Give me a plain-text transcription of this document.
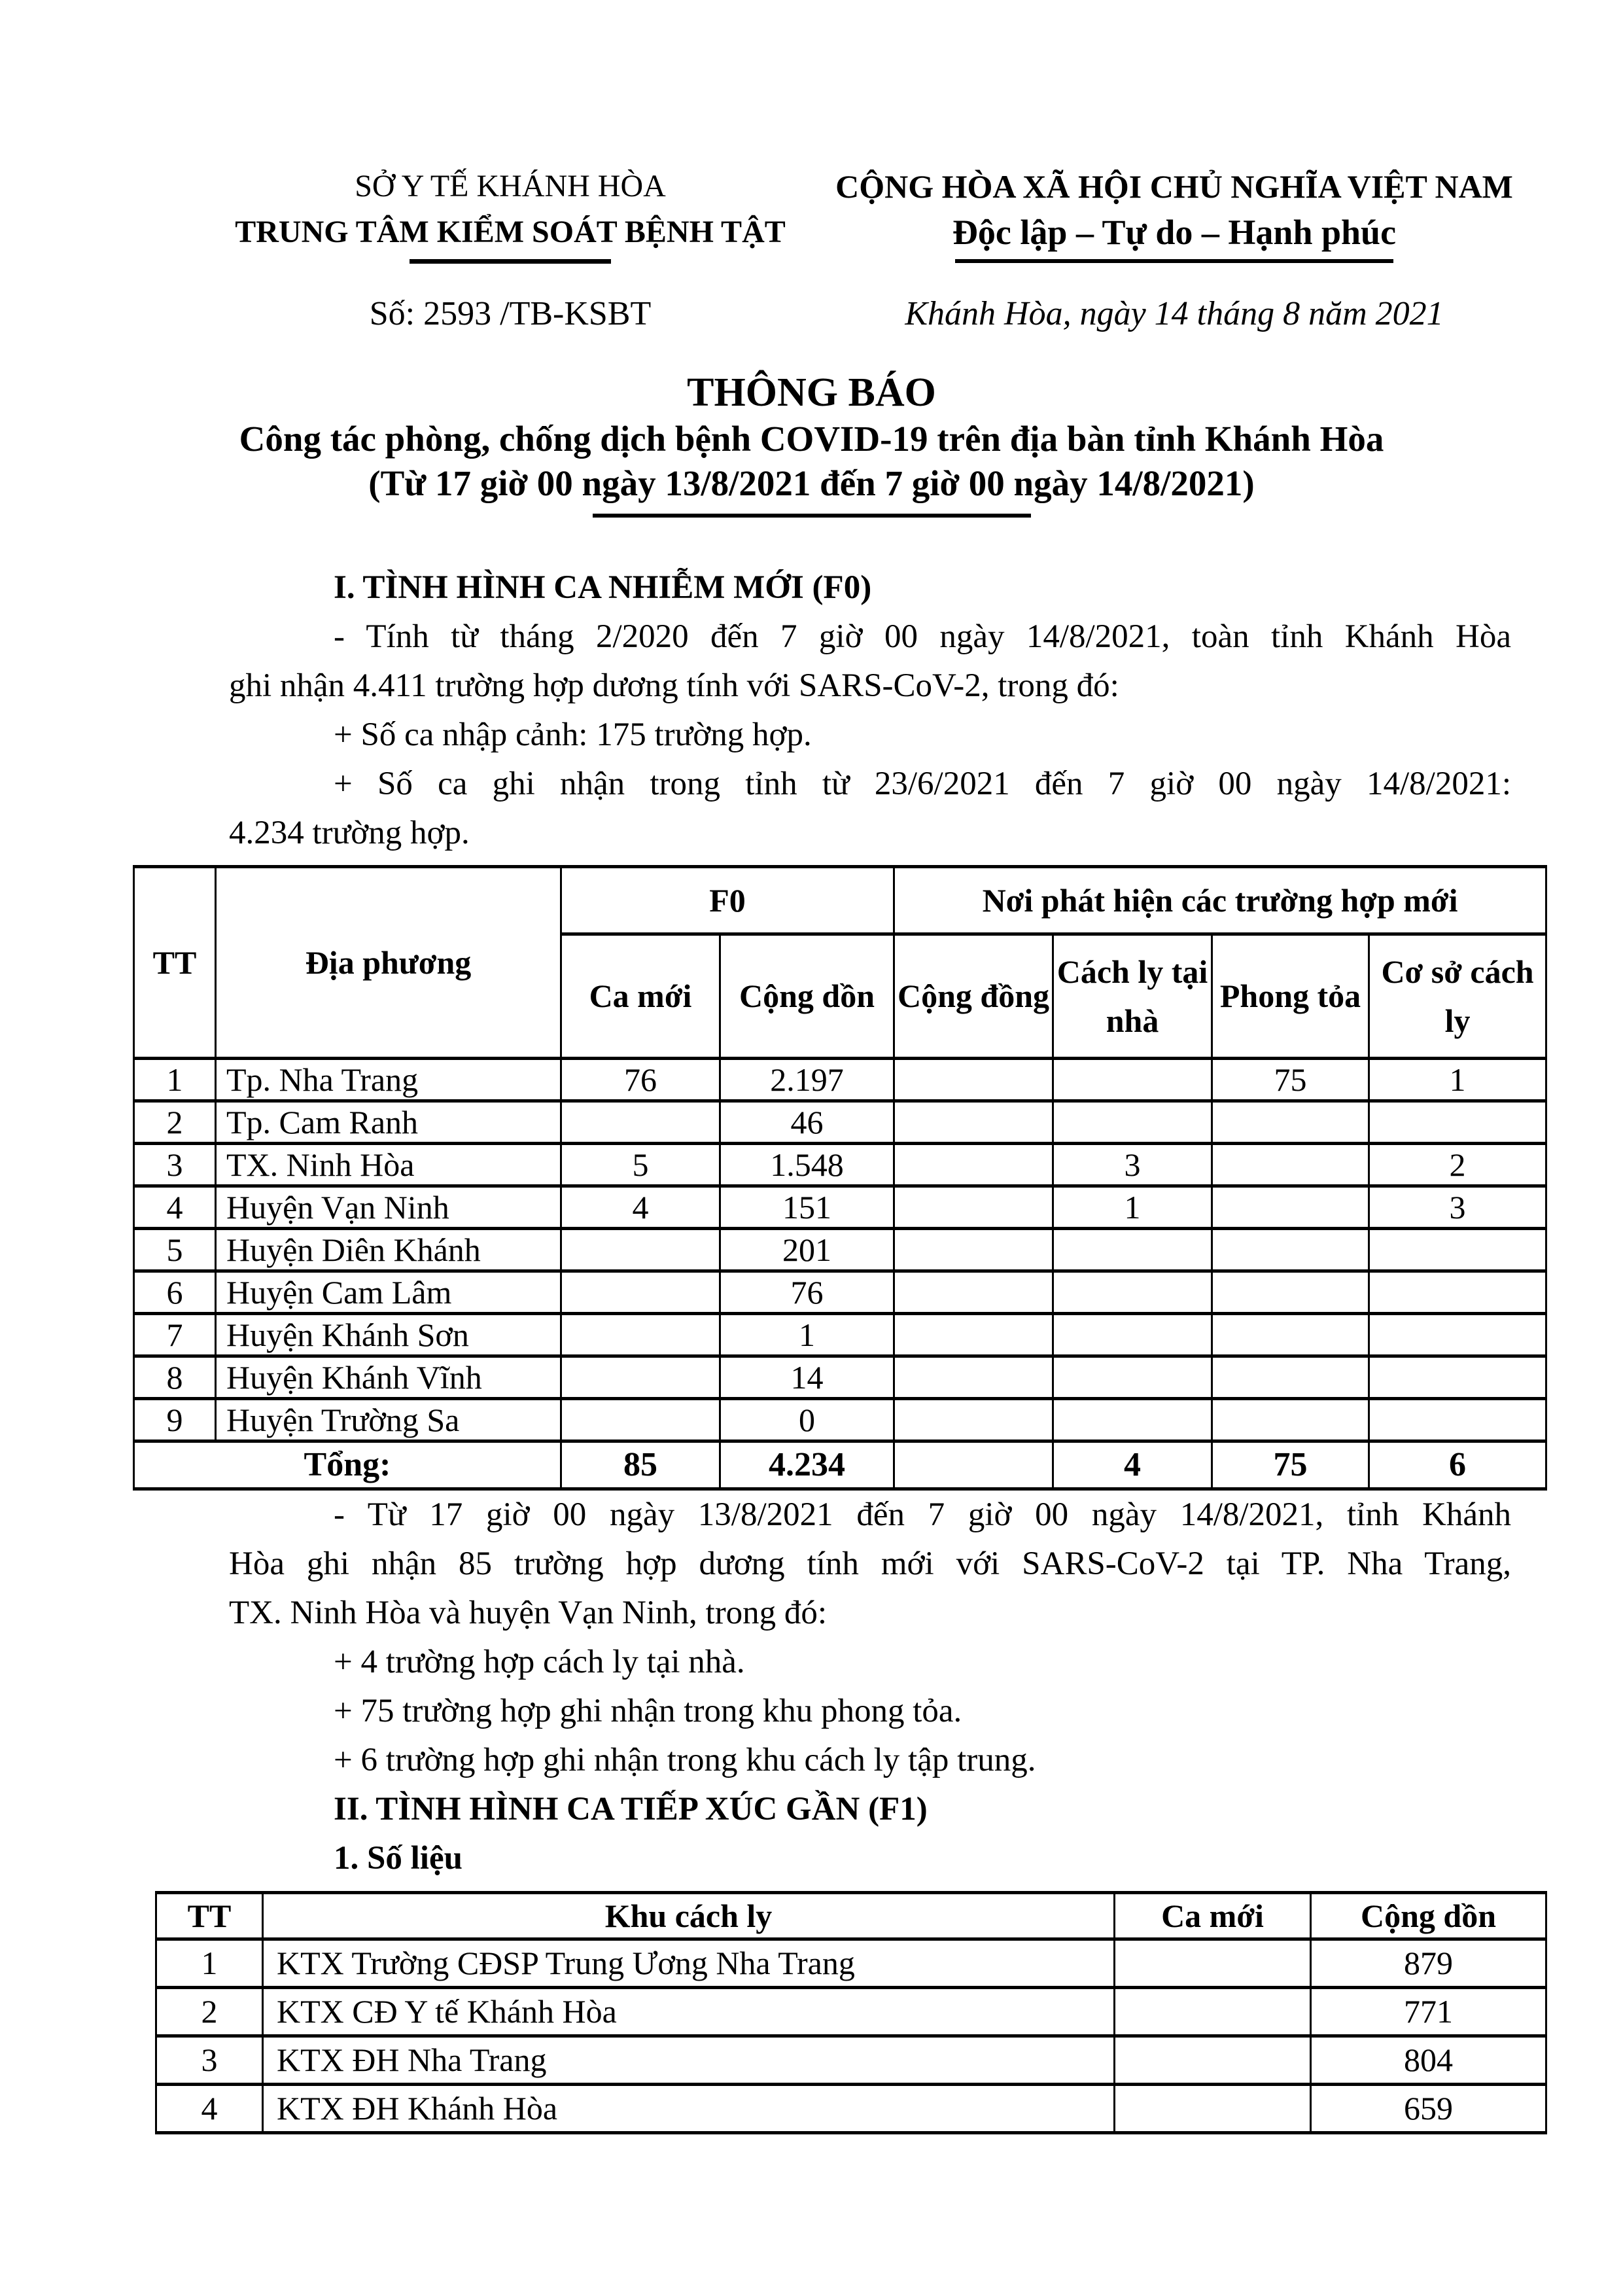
SỞ Y TẾ KHÁNH HÒA
TRUNG TÂM KIỂM SOÁT BỆNH TẬT
CỘNG HÒA XÃ HỘI CHỦ NGHĨA VIỆT NAM
Độc lập – Tự do – Hạnh phúc
Số: 2593 /TB-KSBT	Khánh Hòa, ngày 14 tháng 8 năm 2021
THÔNG BÁO
Công tác phòng, chống dịch bệnh COVID-19 trên địa bàn tỉnh Khánh Hòa
(Từ 17 giờ 00 ngày 13/8/2021 đến 7 giờ 00 ngày 14/8/2021)
I. TÌNH HÌNH CA NHIỄM MỚI (F0)
- Tính từ tháng 2/2020 đến 7 giờ 00 ngày 14/8/2021, toàn tỉnh Khánh Hòa
ghi nhận 4.411 trường hợp dương tính với SARS-CoV-2, trong đó:
+ Số ca nhập cảnh: 175 trường hợp.
+ Số ca ghi nhận trong tỉnh từ 23/6/2021 đến 7 giờ 00 ngày 14/8/2021:
4.234 trường hợp.
TT	Địa phương	F0		Nơi phát hiện các trường hợp mới			
		Ca mới	Cộng dồn	Cộng đồng	Cách ly tại nhà	Phong tỏa	Cơ sở cách ly
1	Tp. Nha Trang	76	2.197			75	1
2	Tp. Cam Ranh		46				
3	TX. Ninh Hòa	5	1.548		3		2
4	Huyện Vạn Ninh	4	151		1		3
5	Huyện Diên Khánh		201				
6	Huyện Cam Lâm		76				
7	Huyện Khánh Sơn		1				
8	Huyện Khánh Vĩnh		14				
9	Huyện Trường Sa		0				
Tổng:		85	4.234		4	75	6
- Từ 17 giờ 00 ngày 13/8/2021 đến 7 giờ 00 ngày 14/8/2021, tỉnh Khánh
Hòa ghi nhận 85 trường hợp dương tính mới với SARS-CoV-2 tại TP. Nha Trang,
TX. Ninh Hòa và huyện Vạn Ninh, trong đó:
+ 4 trường hợp cách ly tại nhà.
+ 75 trường hợp ghi nhận trong khu phong tỏa.
+ 6 trường hợp ghi nhận trong khu cách ly tập trung.
II. TÌNH HÌNH CA TIẾP XÚC GẦN (F1)
1. Số liệu
TT	Khu cách ly	Ca mới	Cộng dồn
1	KTX Trường CĐSP Trung Ương Nha Trang		879
2	KTX CĐ Y tế Khánh Hòa		771
3	KTX ĐH Nha Trang		804
4	KTX ĐH Khánh Hòa		659
